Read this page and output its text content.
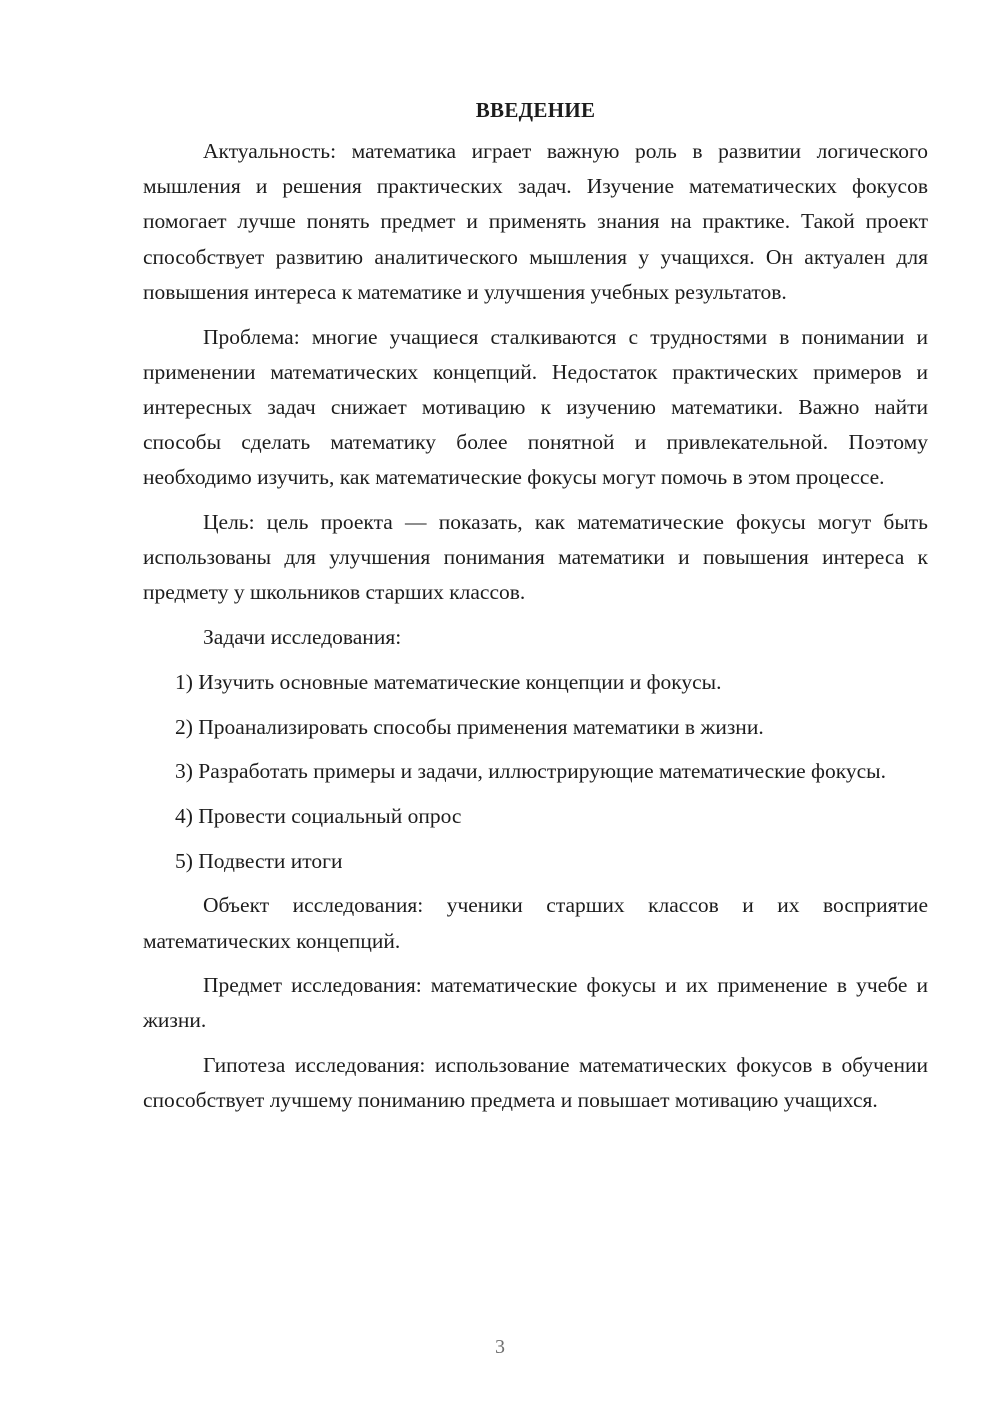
ВВЕДЕНИЕ

Актуальность: математика играет важную роль в развитии логического мышления и решения практических задач. Изучение математических фокусов помогает лучше понять предмет и применять знания на практике. Такой проект способствует развитию аналитического мышления у учащихся. Он актуален для повышения интереса к математике и улучшения учебных результатов.

Проблема: многие учащиеся сталкиваются с трудностями в понимании и применении математических концепций. Недостаток практических примеров и интересных задач снижает мотивацию к изучению математики. Важно найти способы сделать математику более понятной и привлекательной. Поэтому необходимо изучить, как математические фокусы могут помочь в этом процессе.

Цель: цель проекта — показать, как математические фокусы могут быть использованы для улучшения понимания математики и повышения интереса к предмету у школьников старших классов.

Задачи исследования:

1) Изучить основные математические концепции и фокусы.

2) Проанализировать способы применения математики в жизни.

3) Разработать примеры и задачи, иллюстрирующие математические фокусы.

4) Провести социальный опрос

5) Подвести итоги

Объект исследования: ученики старших классов и их восприятие математических концепций.

Предмет исследования: математические фокусы и их применение в учебе и жизни.

Гипотеза исследования: использование математических фокусов в обучении способствует лучшему пониманию предмета и повышает мотивацию учащихся.

3
